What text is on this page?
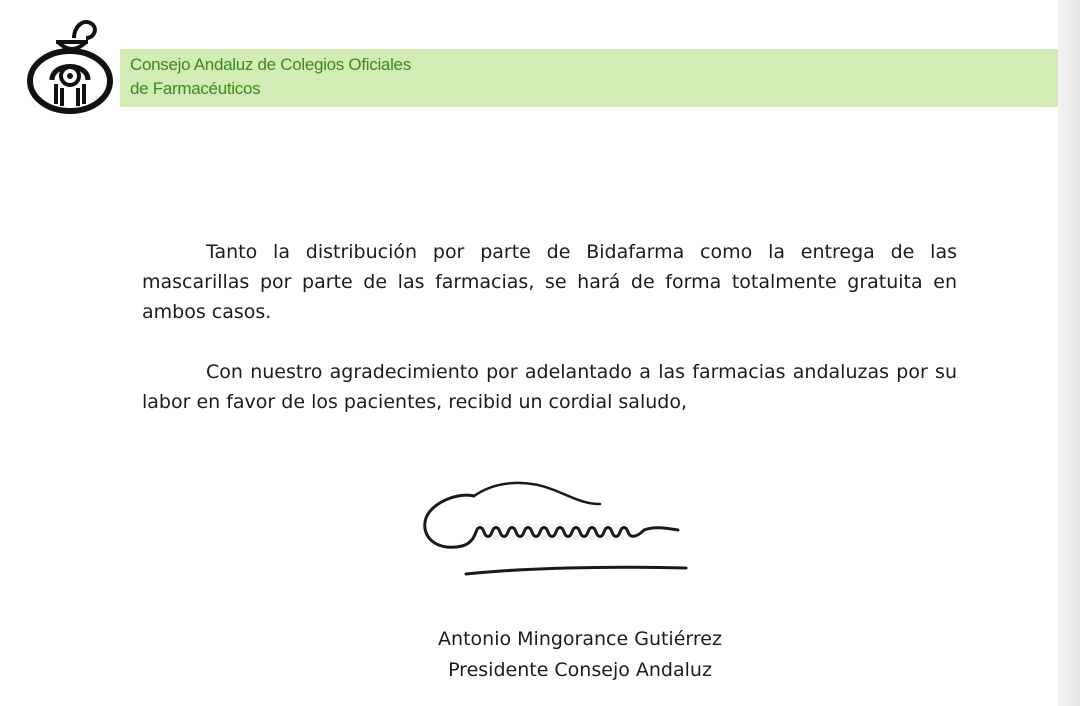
Consejo Andaluz de Colegios Oficiales
de Farmacéuticos

Tanto la distribución por parte de Bidafarma como la entrega de las mascarillas por parte de las farmacias, se hará de forma totalmente gratuita en ambos casos.

Con nuestro agradecimiento por adelantado a las farmacias andaluzas por su labor en favor de los pacientes, recibid un cordial saludo,

Antonio Mingorance Gutiérrez

Presidente Consejo Andaluz
